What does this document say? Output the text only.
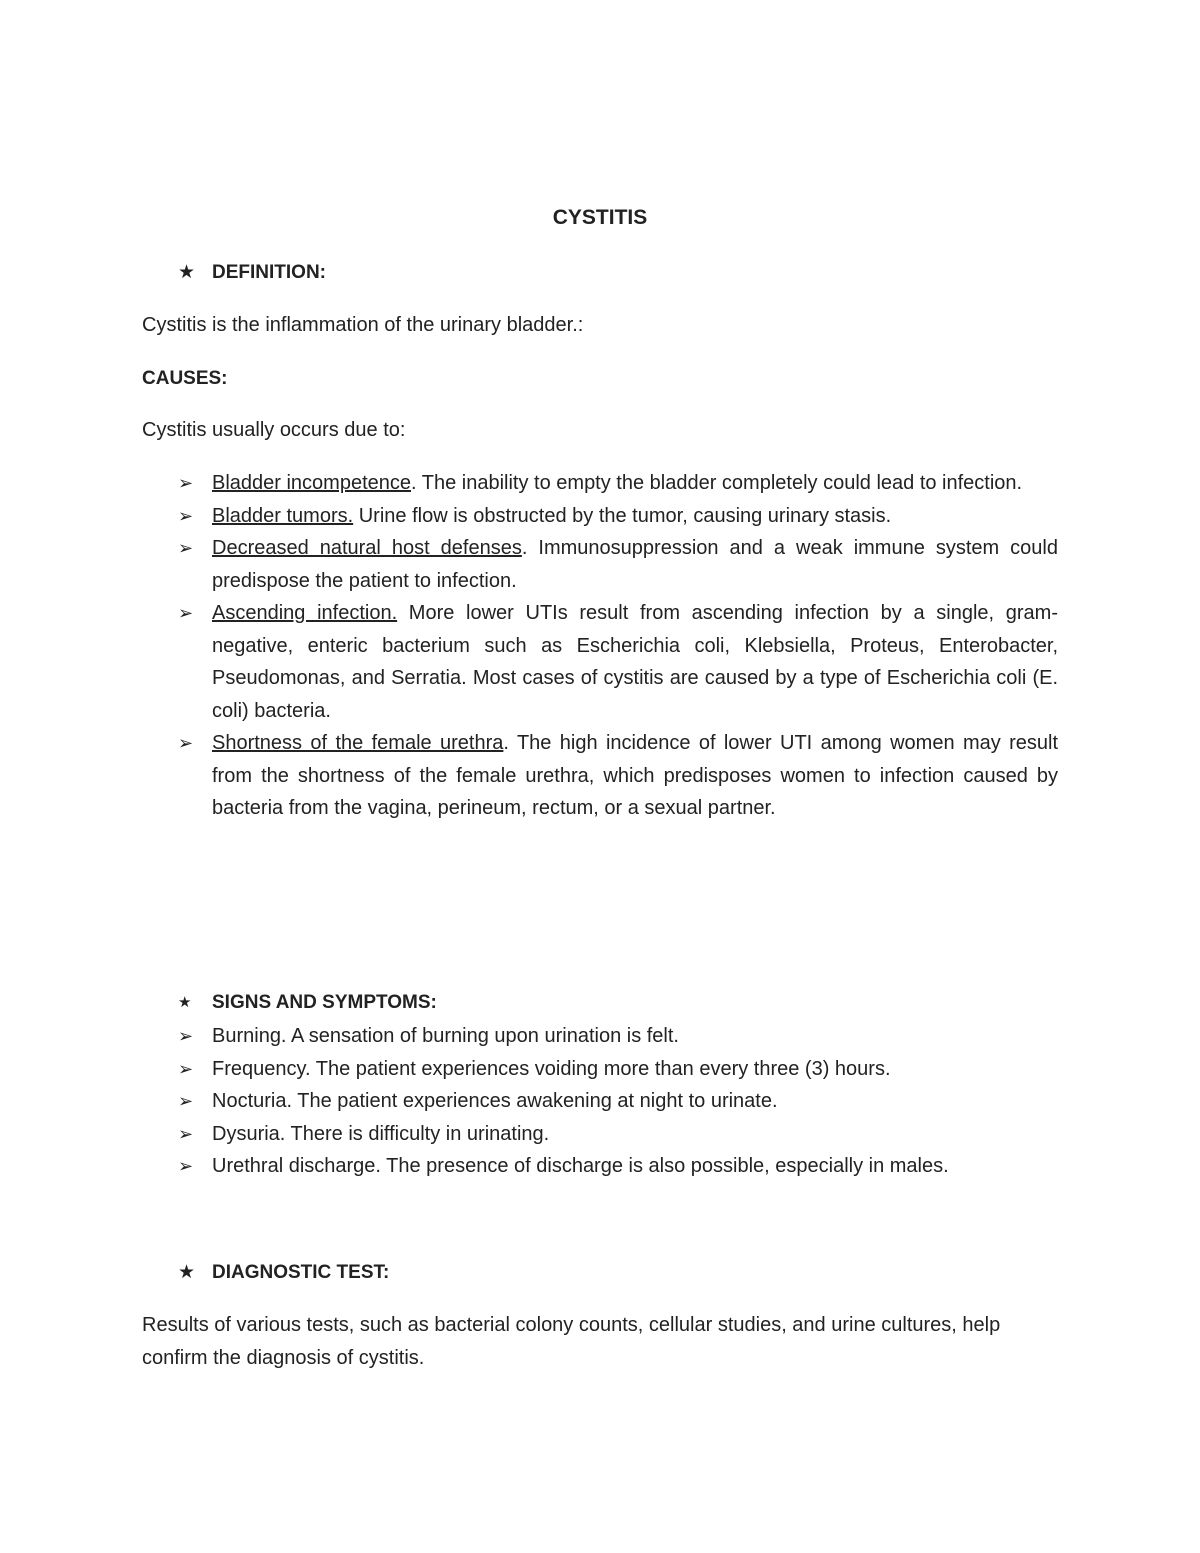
CYSTITIS
★ DEFINITION:
Cystitis is the inflammation of the urinary bladder.:
CAUSES:
Cystitis usually occurs due to:
➢ Bladder incompetence. The inability to empty the bladder completely could lead to infection.
➢ Bladder tumors. Urine flow is obstructed by the tumor, causing urinary stasis.
➢ Decreased natural host defenses. Immunosuppression and a weak immune system could predispose the patient to infection.
➢ Ascending infection. More lower UTIs result from ascending infection by a single, gram-negative, enteric bacterium such as Escherichia coli, Klebsiella, Proteus, Enterobacter, Pseudomonas, and Serratia. Most cases of cystitis are caused by a type of Escherichia coli (E. coli) bacteria.
➢ Shortness of the female urethra. The high incidence of lower UTI among women may result from the shortness of the female urethra, which predisposes women to infection caused by bacteria from the vagina, perineum, rectum, or a sexual partner.
★	SIGNS AND SYMPTOMS:
➢ Burning. A sensation of burning upon urination is felt.
➢ Frequency. The patient experiences voiding more than every three (3) hours.
➢ Nocturia. The patient experiences awakening at night to urinate.
➢ Dysuria. There is difficulty in urinating.
➢ Urethral discharge. The presence of discharge is also possible, especially in males.
★ DIAGNOSTIC TEST:
Results of various tests, such as bacterial colony counts, cellular studies, and urine cultures, help confirm the diagnosis of cystitis.
